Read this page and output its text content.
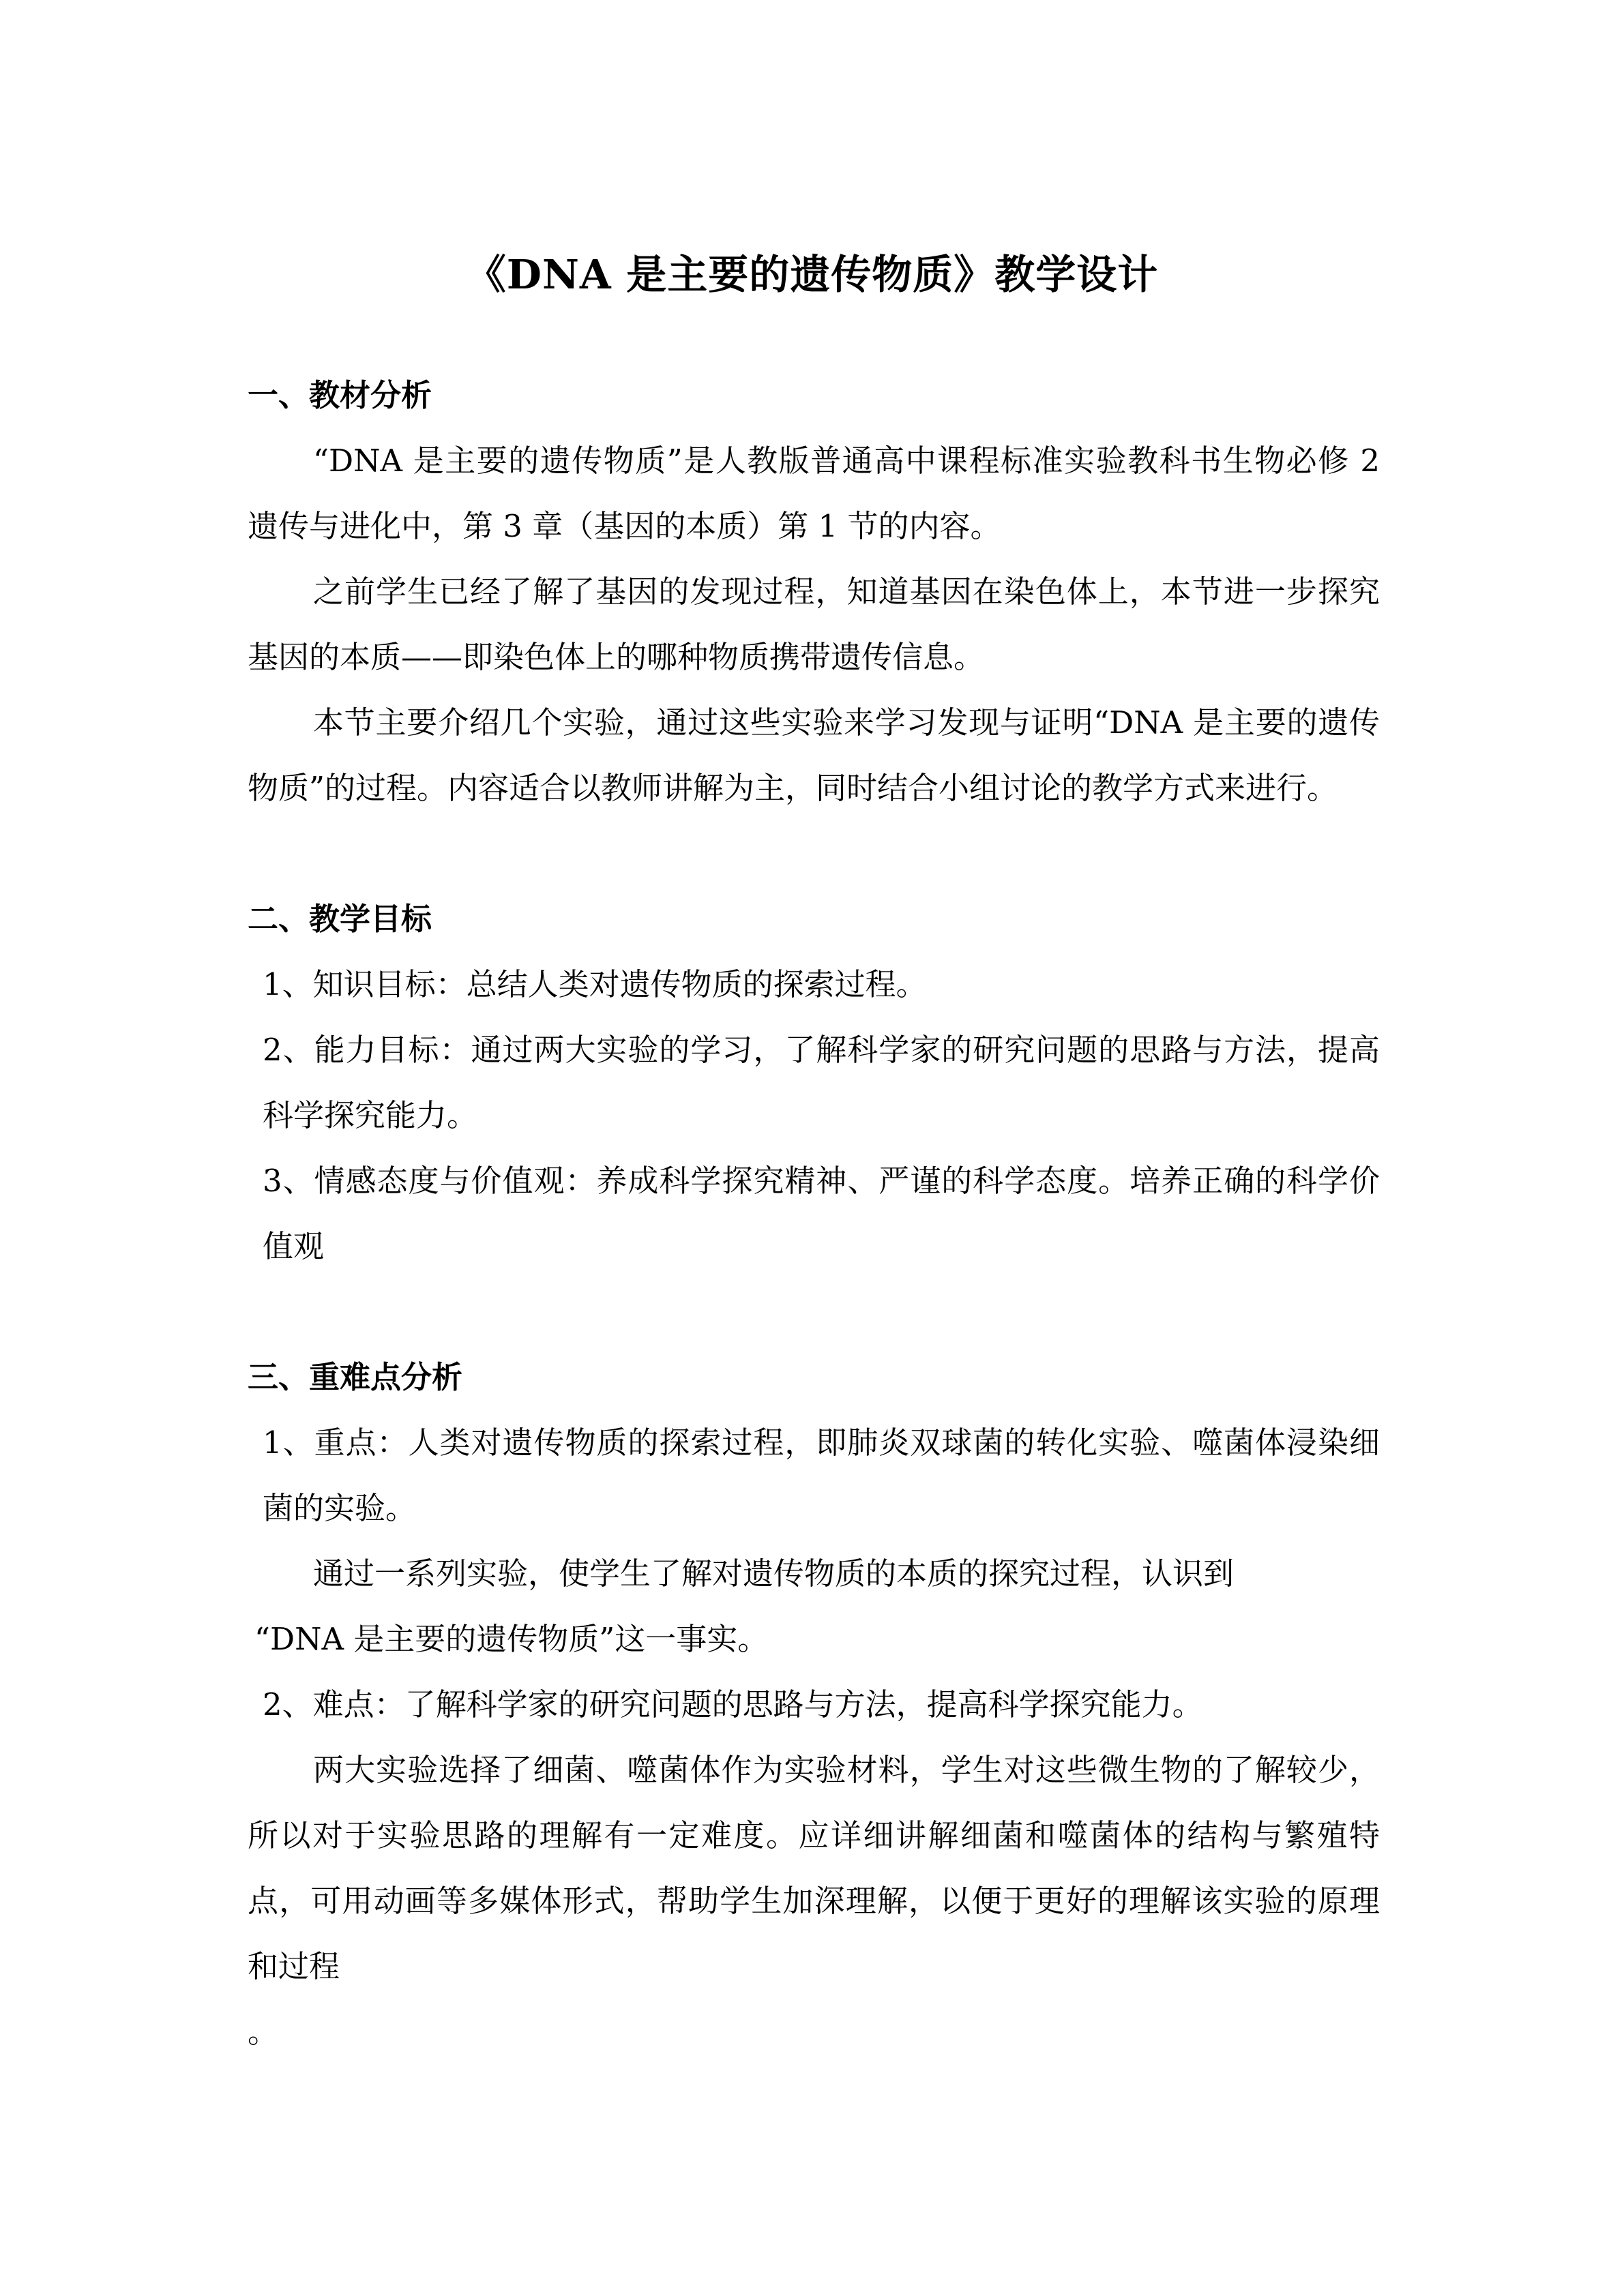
《DNA 是主要的遗传物质》教学设计
一、教材分析

“DNA 是主要的遗传物质”是人教版普通高中课程标准实验教科书生物必修 2 遗传与进化中，第 3 章（基因的本质）第 1 节的内容。

之前学生已经了解了基因的发现过程，知道基因在染色体上，本节进一步探究基因的本质——即染色体上的哪种物质携带遗传信息。

本节主要介绍几个实验，通过这些实验来学习发现与证明“DNA 是主要的遗传物质”的过程。内容适合以教师讲解为主，同时结合小组讨论的教学方式来进行。

二、教学目标

1、知识目标：总结人类对遗传物质的探索过程。

2、能力目标：通过两大实验的学习，了解科学家的研究问题的思路与方法，提高科学探究能力。

3、情感态度与价值观：养成科学探究精神、严谨的科学态度。培养正确的科学价值观

三、重难点分析

1、重点：人类对遗传物质的探索过程，即肺炎双球菌的转化实验、噬菌体浸染细菌的实验。

通过一系列实验，使学生了解对遗传物质的本质的探究过程，认识到

“DNA 是主要的遗传物质”这一事实。

2、难点：了解科学家的研究问题的思路与方法，提高科学探究能力。

两大实验选择了细菌、噬菌体作为实验材料，学生对这些微生物的了解较少，所以对于实验思路的理解有一定难度。应详细讲解细菌和噬菌体的结构与繁殖特点，可用动画等多媒体形式，帮助学生加深理解，以便于更好的理解该实验的原理和过程

。
